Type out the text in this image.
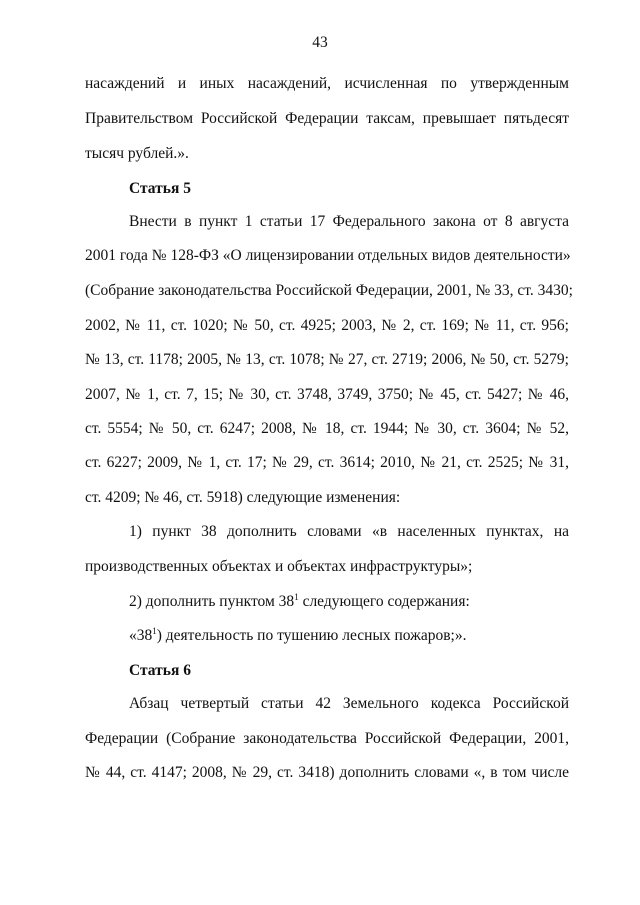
43
насаждений и иных насаждений, исчисленная по утвержденным
Правительством Российской Федерации таксам, превышает пятьдесят
тысяч рублей.».
Статья 5
Внести в пункт 1 статьи 17 Федерального закона от 8 августа
2001 года № 128-ФЗ «О лицензировании отдельных видов деятельности»
(Собрание законодательства Российской Федерации, 2001, № 33, ст. 3430;
2002, № 11, ст. 1020; № 50, ст. 4925; 2003, № 2, ст. 169; № 11, ст. 956;
№ 13, ст. 1178; 2005, № 13, ст. 1078; № 27, ст. 2719; 2006, № 50, ст. 5279;
2007, № 1, ст. 7, 15; № 30, ст. 3748, 3749, 3750; № 45, ст. 5427; № 46,
ст. 5554; № 50, ст. 6247; 2008, № 18, ст. 1944; № 30, ст. 3604; № 52,
ст. 6227; 2009, № 1, ст. 17; № 29, ст. 3614; 2010, № 21, ст. 2525; № 31,
ст. 4209; № 46, ст. 5918) следующие изменения:
1) пункт 38 дополнить словами «в населенных пунктах, на
производственных объектах и объектах инфраструктуры»;
2) дополнить пунктом $38^1$ следующего содержания:
«$38^1$) деятельность по тушению лесных пожаров;».
Статья 6
Абзац четвертый статьи 42 Земельного кодекса Российской
Федерации (Собрание законодательства Российской Федерации, 2001,
№ 44, ст. 4147; 2008, № 29, ст. 3418) дополнить словами «, в том числе
